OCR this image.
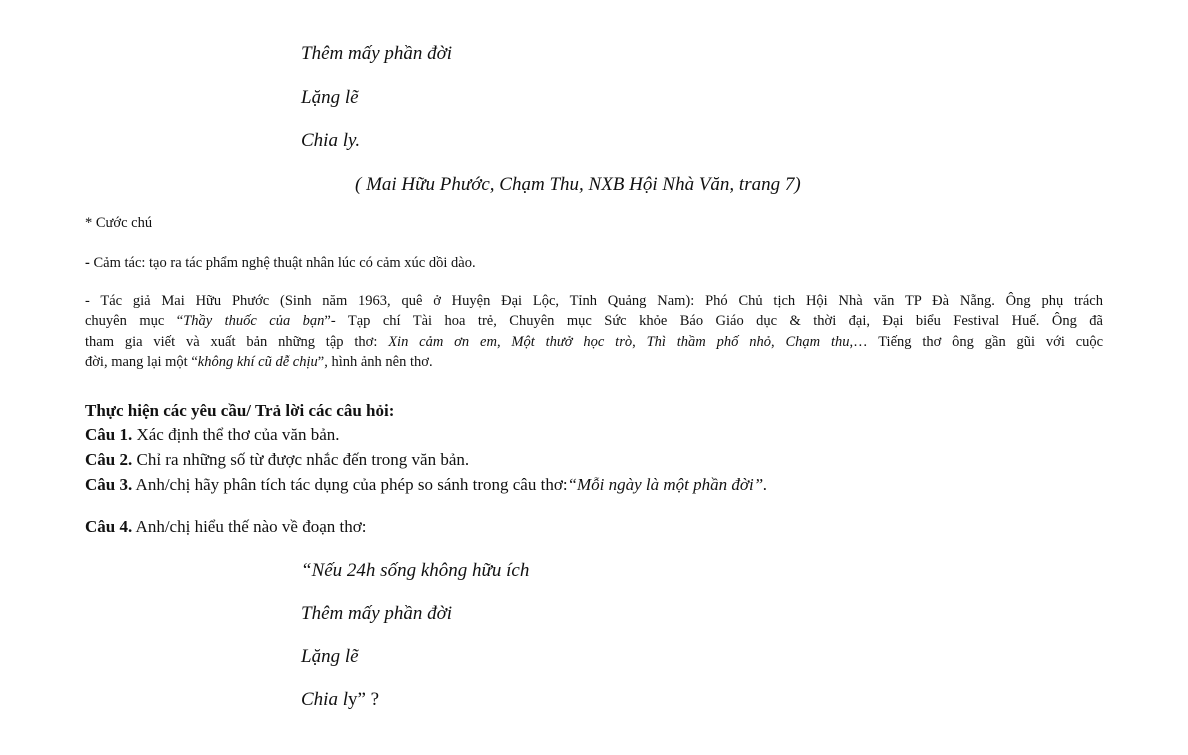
Thêm mấy phần đời
Lặng lẽ
Chia ly.
( Mai Hữu Phước, Chạm Thu, NXB Hội Nhà Văn, trang 7)
* Cước chú
- Cảm tác: tạo ra tác phẩm nghệ thuật nhân lúc có cảm xúc dồi dào.
- Tác giả Mai Hữu Phước (Sinh năm 1963, quê ở Huyện Đại Lộc, Tỉnh Quảng Nam): Phó Chủ tịch Hội Nhà văn TP Đà Nẵng. Ông phụ trách
chuyên mục “Thầy thuốc của bạn”- Tạp chí Tài hoa trẻ, Chuyên mục Sức khỏe Báo Giáo dục & thời đại, Đại biểu Festival Huế. Ông đã
tham gia viết và xuất bản những tập thơ: Xin cảm ơn em, Một thưở học trò, Thì thầm phố nhỏ, Chạm thu,… Tiếng thơ ông gần gũi với cuộc
đời, mang lại một “không khí cũ dễ chịu”, hình ảnh nên thơ.
Thực hiện các yêu cầu/ Trả lời các câu hỏi:
Câu 1. Xác định thể thơ của văn bản.
Câu 2. Chỉ ra những số từ được nhắc đến trong văn bản.
Câu 3. Anh/chị hãy phân tích tác dụng của phép so sánh trong câu thơ:“Mỗi ngày là một phần đời”.
Câu 4. Anh/chị hiểu thế nào về đoạn thơ:
“Nếu 24h sống không hữu ích
Thêm mấy phần đời
Lặng lẽ
Chia ly” ?
